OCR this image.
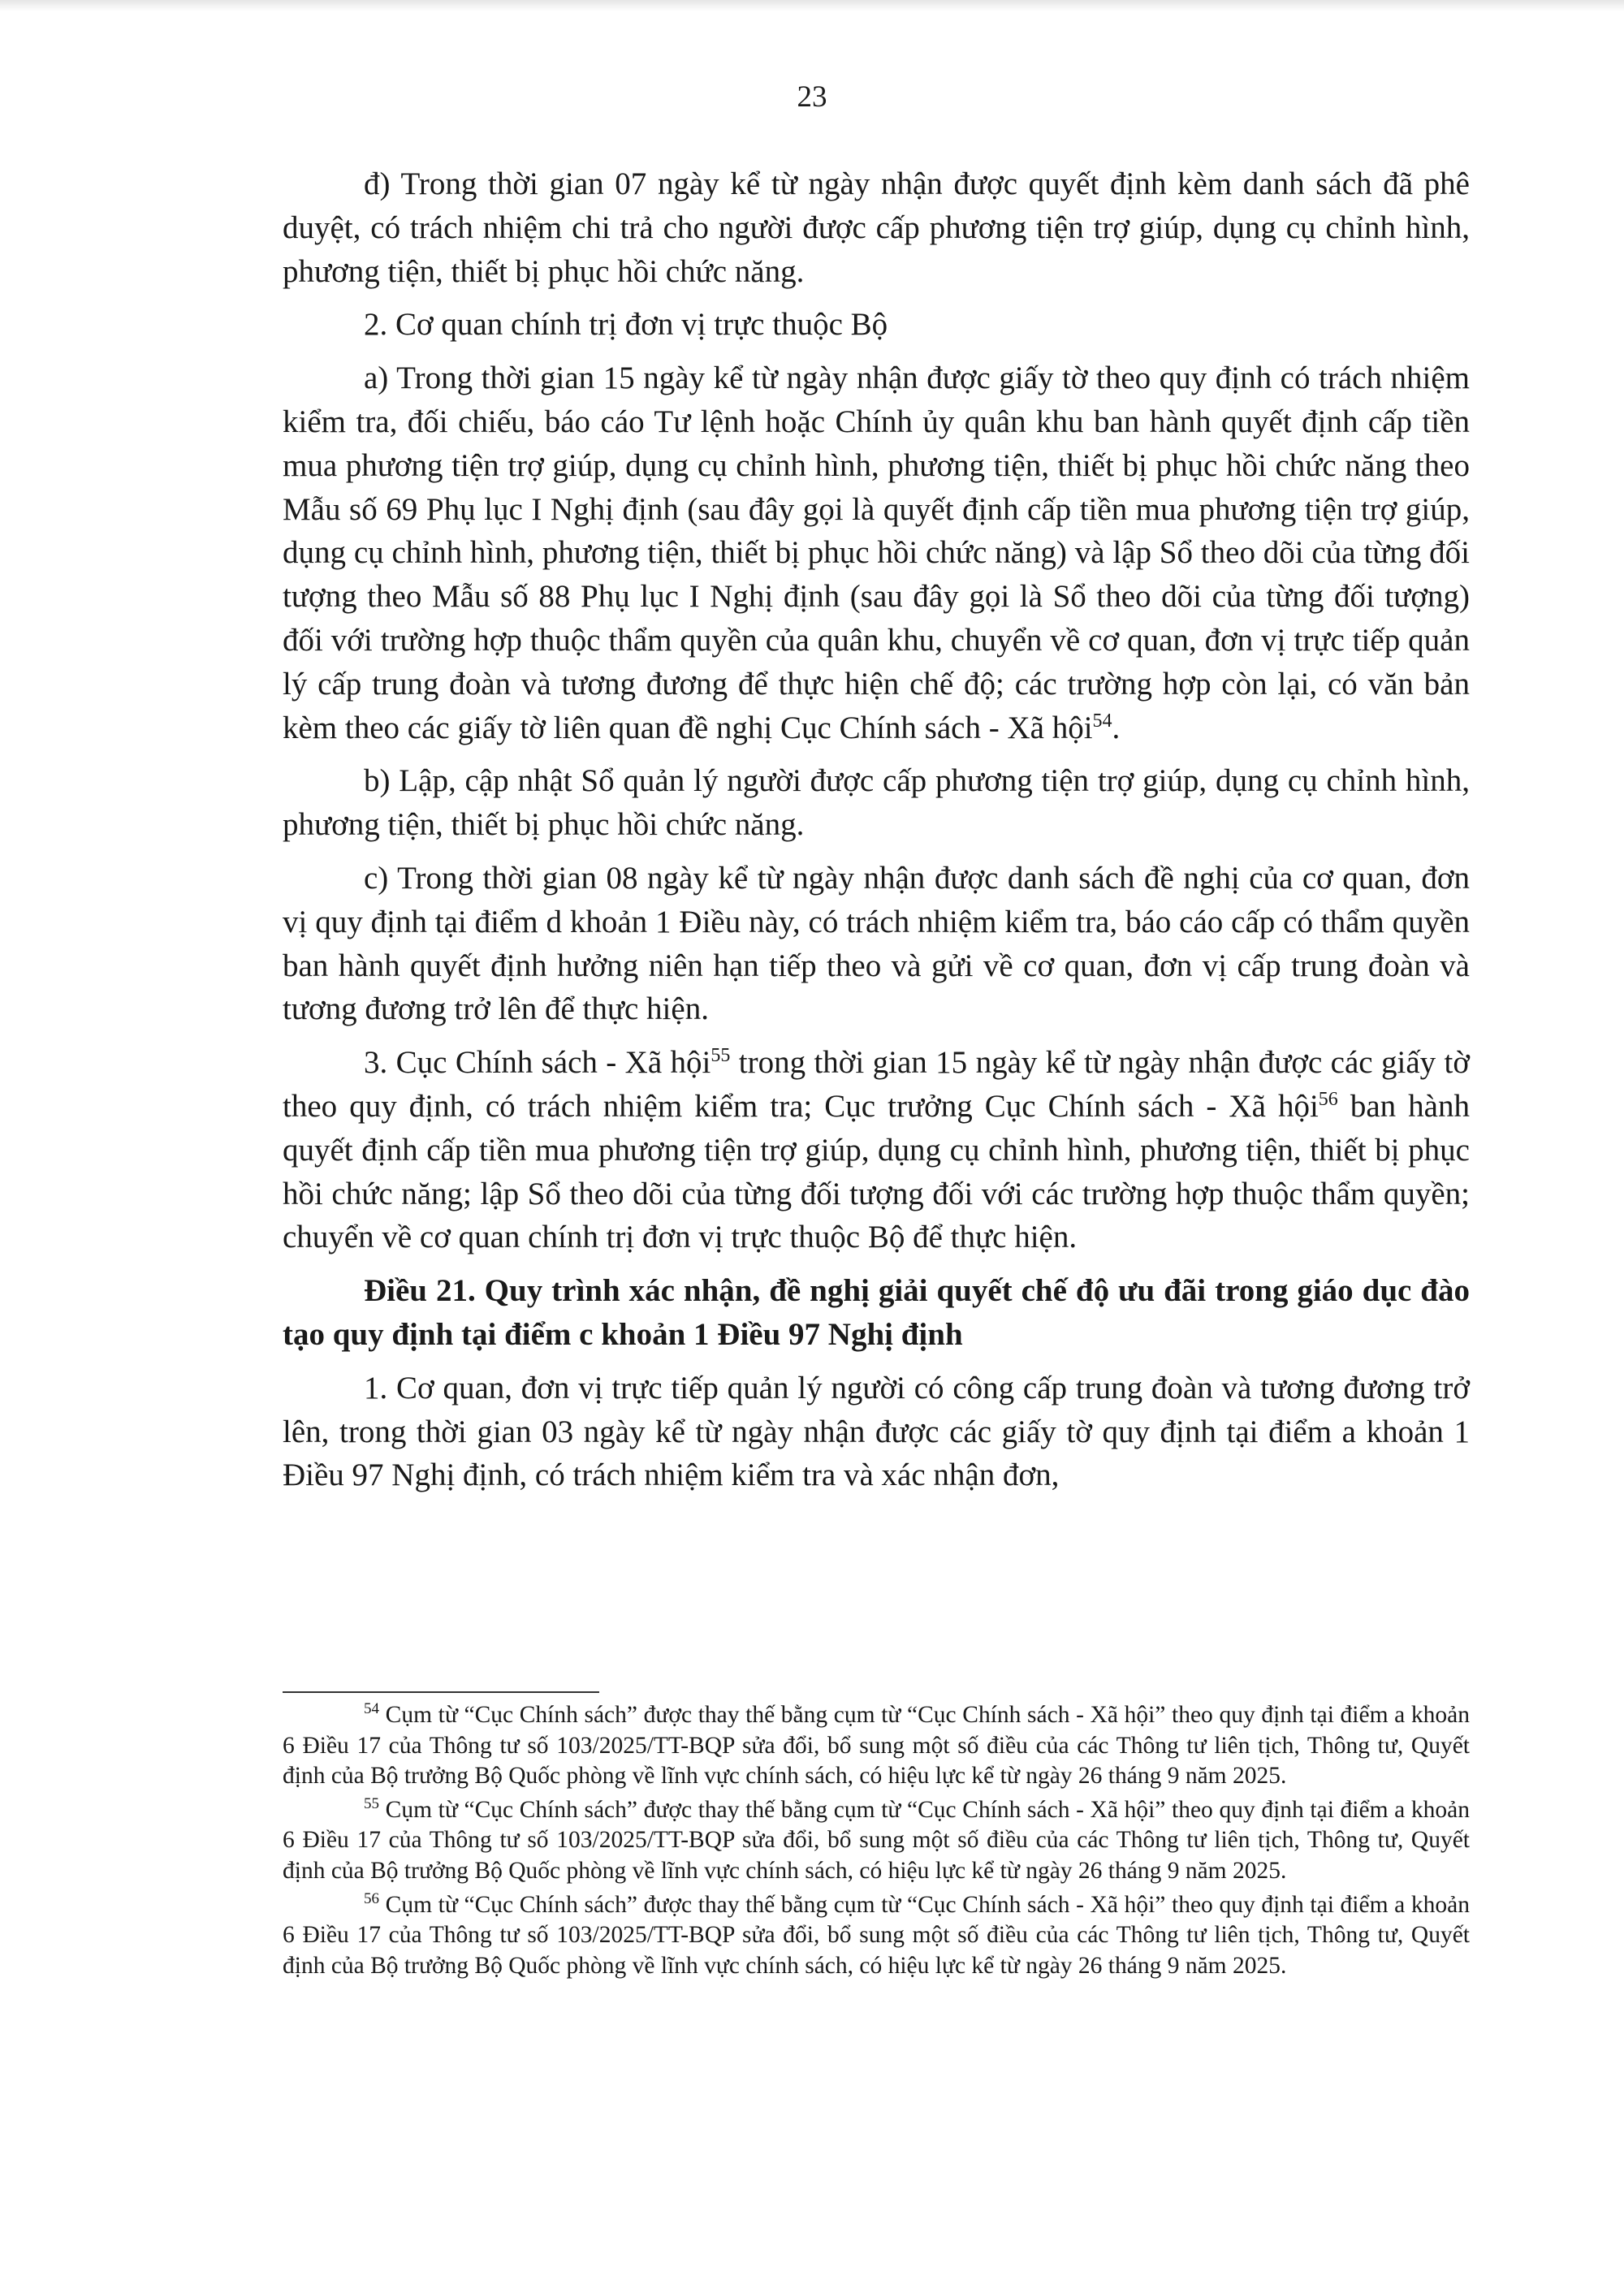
23

đ) Trong thời gian 07 ngày kể từ ngày nhận được quyết định kèm danh sách đã phê duyệt, có trách nhiệm chi trả cho người được cấp phương tiện trợ giúp, dụng cụ chỉnh hình, phương tiện, thiết bị phục hồi chức năng.

2. Cơ quan chính trị đơn vị trực thuộc Bộ

a) Trong thời gian 15 ngày kể từ ngày nhận được giấy tờ theo quy định có trách nhiệm kiểm tra, đối chiếu, báo cáo Tư lệnh hoặc Chính ủy quân khu ban hành quyết định cấp tiền mua phương tiện trợ giúp, dụng cụ chỉnh hình, phương tiện, thiết bị phục hồi chức năng theo Mẫu số 69 Phụ lục I Nghị định (sau đây gọi là quyết định cấp tiền mua phương tiện trợ giúp, dụng cụ chỉnh hình, phương tiện, thiết bị phục hồi chức năng) và lập Sổ theo dõi của từng đối tượng theo Mẫu số 88 Phụ lục I Nghị định (sau đây gọi là Sổ theo dõi của từng đối tượng) đối với trường hợp thuộc thẩm quyền của quân khu, chuyển về cơ quan, đơn vị trực tiếp quản lý cấp trung đoàn và tương đương để thực hiện chế độ; các trường hợp còn lại, có văn bản kèm theo các giấy tờ liên quan đề nghị Cục Chính sách - Xã hội$^{54}$.

b) Lập, cập nhật Sổ quản lý người được cấp phương tiện trợ giúp, dụng cụ chỉnh hình, phương tiện, thiết bị phục hồi chức năng.

c) Trong thời gian 08 ngày kể từ ngày nhận được danh sách đề nghị của cơ quan, đơn vị quy định tại điểm d khoản 1 Điều này, có trách nhiệm kiểm tra, báo cáo cấp có thẩm quyền ban hành quyết định hưởng niên hạn tiếp theo và gửi về cơ quan, đơn vị cấp trung đoàn và tương đương trở lên để thực hiện.

3. Cục Chính sách - Xã hội$^{55}$ trong thời gian 15 ngày kể từ ngày nhận được các giấy tờ theo quy định, có trách nhiệm kiểm tra; Cục trưởng Cục Chính sách - Xã hội$^{56}$ ban hành quyết định cấp tiền mua phương tiện trợ giúp, dụng cụ chỉnh hình, phương tiện, thiết bị phục hồi chức năng; lập Sổ theo dõi của từng đối tượng đối với các trường hợp thuộc thẩm quyền; chuyển về cơ quan chính trị đơn vị trực thuộc Bộ để thực hiện.

Điều 21. Quy trình xác nhận, đề nghị giải quyết chế độ ưu đãi trong giáo dục đào tạo quy định tại điểm c khoản 1 Điều 97 Nghị định

1. Cơ quan, đơn vị trực tiếp quản lý người có công cấp trung đoàn và tương đương trở lên, trong thời gian 03 ngày kể từ ngày nhận được các giấy tờ quy định tại điểm a khoản 1 Điều 97 Nghị định, có trách nhiệm kiểm tra và xác nhận đơn,

$^{54}$ Cụm từ “Cục Chính sách” được thay thế bằng cụm từ “Cục Chính sách - Xã hội” theo quy định tại điểm a khoản 6 Điều 17 của Thông tư số 103/2025/TT-BQP sửa đổi, bổ sung một số điều của các Thông tư liên tịch, Thông tư, Quyết định của Bộ trưởng Bộ Quốc phòng về lĩnh vực chính sách, có hiệu lực kể từ ngày 26 tháng 9 năm 2025.

$^{55}$ Cụm từ “Cục Chính sách” được thay thế bằng cụm từ “Cục Chính sách - Xã hội” theo quy định tại điểm a khoản 6 Điều 17 của Thông tư số 103/2025/TT-BQP sửa đổi, bổ sung một số điều của các Thông tư liên tịch, Thông tư, Quyết định của Bộ trưởng Bộ Quốc phòng về lĩnh vực chính sách, có hiệu lực kể từ ngày 26 tháng 9 năm 2025.

$^{56}$ Cụm từ “Cục Chính sách” được thay thế bằng cụm từ “Cục Chính sách - Xã hội” theo quy định tại điểm a khoản 6 Điều 17 của Thông tư số 103/2025/TT-BQP sửa đổi, bổ sung một số điều của các Thông tư liên tịch, Thông tư, Quyết định của Bộ trưởng Bộ Quốc phòng về lĩnh vực chính sách, có hiệu lực kể từ ngày 26 tháng 9 năm 2025.
